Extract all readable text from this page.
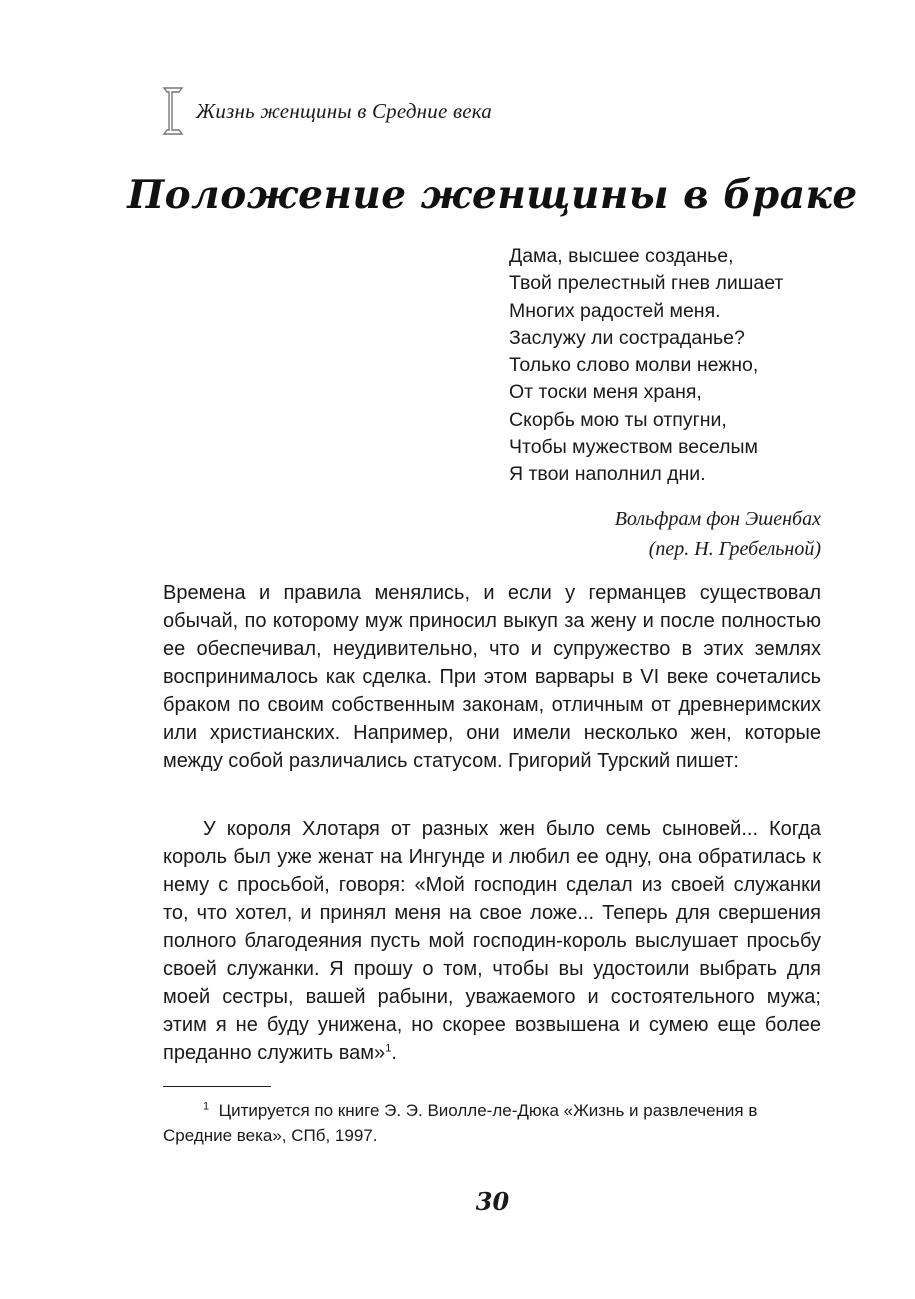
Жизнь женщины в Средние века
Положение женщины в браке
Дама, высшее созданье,
Твой прелестный гнев лишает
Многих радостей меня.
Заслужу ли состраданье?
Только слово молви нежно,
От тоски меня храня,
Скорбь мою ты отпугни,
Чтобы мужеством веселым
Я твои наполнил дни.
Вольфрам фон Эшенбах
(пер. Н. Гребельной)
Времена и правила менялись, и если у германцев существовал обычай, по которому муж приносил выкуп за жену и после полностью ее обеспечивал, неудивительно, что и супружество в этих землях воспринималось как сделка. При этом варвары в VI веке сочетались браком по своим собственным законам, отличным от древнеримских или христианских. Например, они имели несколько жен, которые между собой различались статусом. Григорий Турский пишет:
У короля Хлотаря от разных жен было семь сыновей... Когда король был уже женат на Ингунде и любил ее одну, она обратилась к нему с просьбой, говоря: «Мой господин сделал из своей служанки то, что хотел, и принял меня на свое ложе... Теперь для свершения полного благодеяния пусть мой господин-король выслушает просьбу своей служанки. Я прошу о том, чтобы вы удостоили выбрать для моей сестры, вашей рабыни, уважаемого и состоятельного мужа; этим я не буду унижена, но скорее возвышена и сумею еще более преданно служить вам»$^1$.
$^1$ Цитируется по книге Э. Э. Виолле-ле-Дюка «Жизнь и развлечения в Средние века», СПб, 1997.
30
